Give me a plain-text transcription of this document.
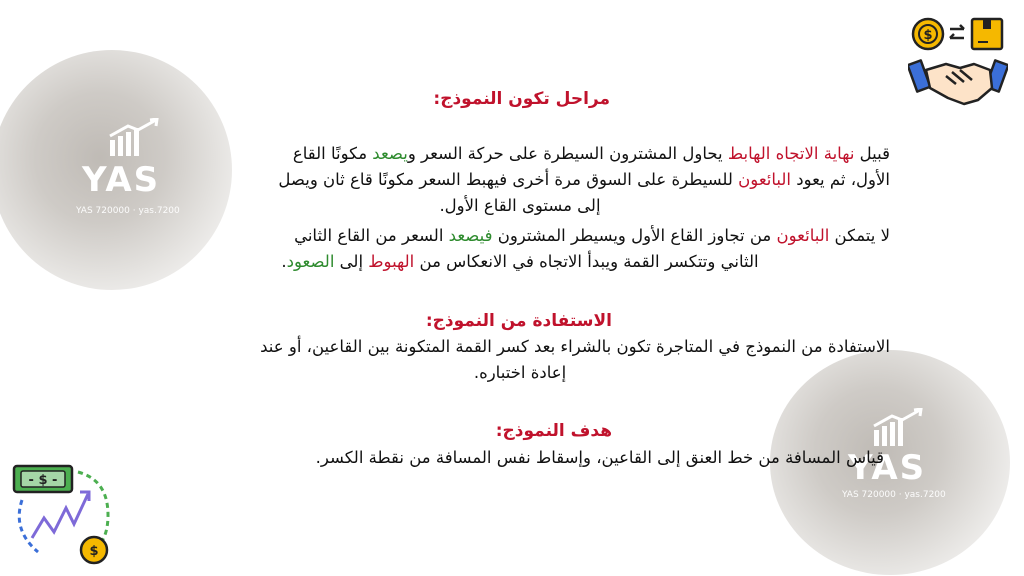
YAS
YAS 720000 · yas.7200
YAS
YAS 720000 · yas.7200
$
- $ -
$
مراحل تكون النموذج:
قبيل نهاية الاتجاه الهابط يحاول المشترون السيطرة على حركة السعر ويصعد مكونًا القاع
الأول، ثم يعود البائعون للسيطرة على السوق مرة أخرى فيهبط السعر مكونًا قاع ثان ويصل
إلى مستوى القاع الأول.
لا يتمكن البائعون من تجاوز القاع الأول ويسيطر المشترون فيصعد السعر من القاع الثاني
الثاني وتتكسر القمة ويبدأ الاتجاه في الانعكاس من الهبوط إلى الصعود.
الاستفادة من النموذج:
الاستفادة من النموذج في المتاجرة تكون بالشراء بعد كسر القمة المتكونة بين القاعين، أو عند
إعادة اختباره.
هدف النموذج:
قياس المسافة من خط العنق إلى القاعين، وإسقاط نفس المسافة من نقطة الكسر.
